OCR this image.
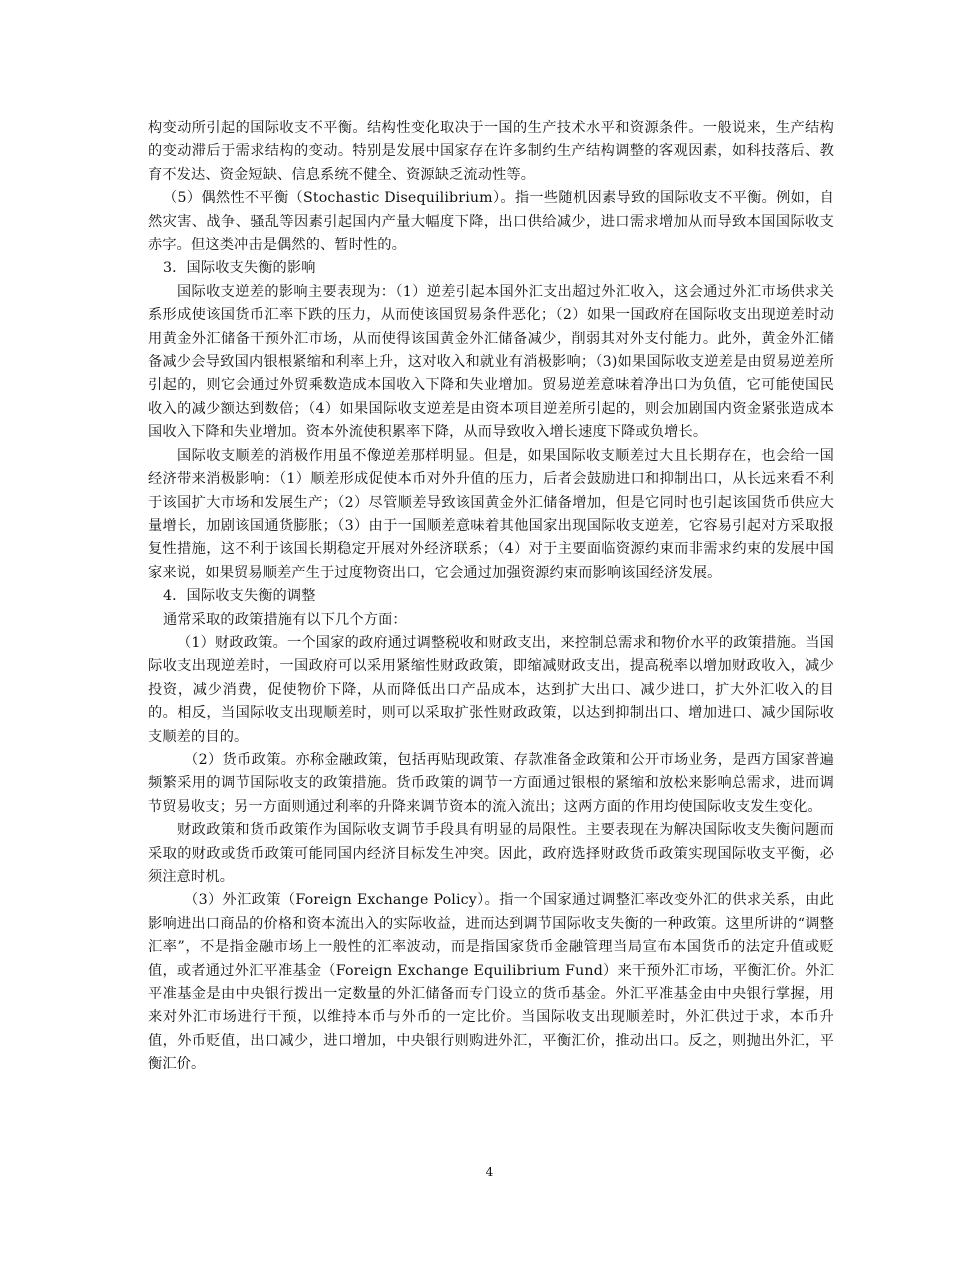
构变动所引起的国际收支不平衡。结构性变化取决于一国的生产技术水平和资源条件。一般说来，生产结构的变动滞后于需求结构的变动。特别是发展中国家存在许多制约生产结构调整的客观因素，如科技落后、教育不发达、资金短缺、信息系统不健全、资源缺乏流动性等。

（5）偶然性不平衡（Stochastic Disequilibrium）。指一些随机因素导致的国际收支不平衡。例如，自然灾害、战争、骚乱等因素引起国内产量大幅度下降，出口供给减少，进口需求增加从而导致本国国际收支赤字。但这类冲击是偶然的、暂时性的。

3．国际收支失衡的影响

国际收支逆差的影响主要表现为：（1）逆差引起本国外汇支出超过外汇收入，这会通过外汇市场供求关系形成使该国货币汇率下跌的压力，从而使该国贸易条件恶化；（2）如果一国政府在国际收支出现逆差时动用黄金外汇储备干预外汇市场，从而使得该国黄金外汇储备减少，削弱其对外支付能力。此外，黄金外汇储备减少会导致国内银根紧缩和利率上升，这对收入和就业有消极影响；（3)如果国际收支逆差是由贸易逆差所引起的，则它会通过外贸乘数造成本国收入下降和失业增加。贸易逆差意味着净出口为负值，它可能使国民收入的减少额达到数倍；（4）如果国际收支逆差是由资本项目逆差所引起的，则会加剧国内资金紧张造成本国收入下降和失业增加。资本外流使积累率下降，从而导致收入增长速度下降或负增长。

国际收支顺差的消极作用虽不像逆差那样明显。但是，如果国际收支顺差过大且长期存在，也会给一国经济带来消极影响：（1）顺差形成促使本币对外升值的压力，后者会鼓励进口和抑制出口，从长远来看不利于该国扩大市场和发展生产；（2）尽管顺差导致该国黄金外汇储备增加，但是它同时也引起该国货币供应大量增长，加剧该国通货膨胀；（3）由于一国顺差意味着其他国家出现国际收支逆差，它容易引起对方采取报复性措施，这不利于该国长期稳定开展对外经济联系；（4）对于主要面临资源约束而非需求约束的发展中国家来说，如果贸易顺差产生于过度物资出口，它会通过加强资源约束而影响该国经济发展。

4．国际收支失衡的调整

通常采取的政策措施有以下几个方面：

（1）财政政策。一个国家的政府通过调整税收和财政支出，来控制总需求和物价水平的政策措施。当国际收支出现逆差时，一国政府可以采用紧缩性财政政策，即缩减财政支出，提高税率以增加财政收入，减少投资，减少消费，促使物价下降，从而降低出口产品成本，达到扩大出口、减少进口，扩大外汇收入的目的。相反，当国际收支出现顺差时，则可以采取扩张性财政政策，以达到抑制出口、增加进口、减少国际收支顺差的目的。

（2）货币政策。亦称金融政策，包括再贴现政策、存款准备金政策和公开市场业务，是西方国家普遍频繁采用的调节国际收支的政策措施。货币政策的调节一方面通过银根的紧缩和放松来影响总需求，进而调节贸易收支；另一方面则通过利率的升降来调节资本的流入流出；这两方面的作用均使国际收支发生变化。

财政政策和货币政策作为国际收支调节手段具有明显的局限性。主要表现在为解决国际收支失衡问题而采取的财政或货币政策可能同国内经济目标发生冲突。因此，政府选择财政货币政策实现国际收支平衡，必须注意时机。

（3）外汇政策（Foreign Exchange Policy）。指一个国家通过调整汇率改变外汇的供求关系，由此影响进出口商品的价格和资本流出入的实际收益，进而达到调节国际收支失衡的一种政策。这里所讲的“调整汇率”，不是指金融市场上一般性的汇率波动，而是指国家货币金融管理当局宣布本国货币的法定升值或贬值，或者通过外汇平准基金（Foreign Exchange Equilibrium Fund）来干预外汇市场，平衡汇价。外汇平准基金是由中央银行拨出一定数量的外汇储备而专门设立的货币基金。外汇平准基金由中央银行掌握，用来对外汇市场进行干预，以维持本币与外币的一定比价。当国际收支出现顺差时，外汇供过于求，本币升值，外币贬值，出口减少，进口增加，中央银行则购进外汇，平衡汇价，推动出口。反之，则抛出外汇，平衡汇价。

4
